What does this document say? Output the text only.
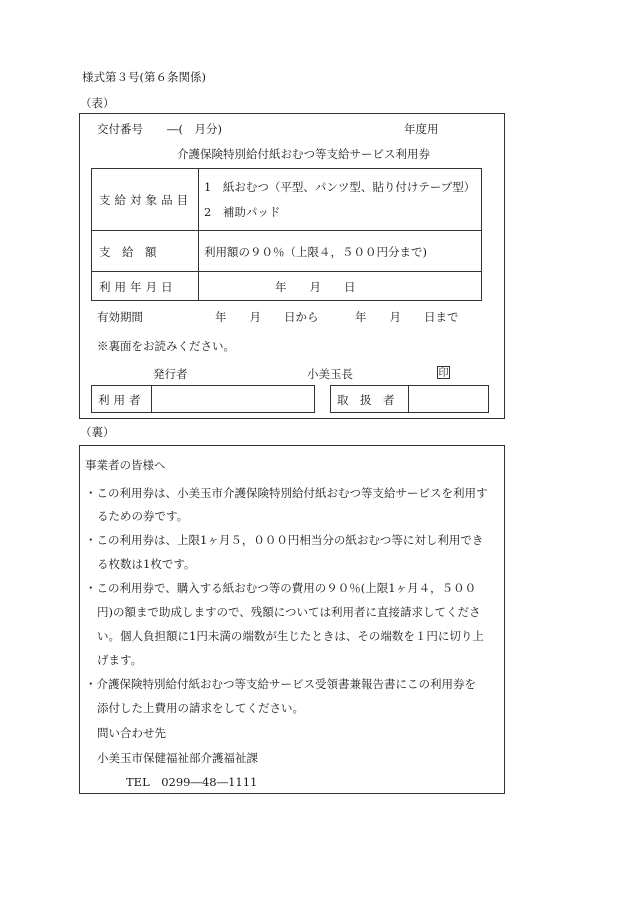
様式第３号(第６条関係)
（表）
交付番号 ―(　月分)	年度用
介護保険特別給付紙おむつ等支給サービス利用券
支給対象品目
1　紙おむつ（平型、パンツ型、貼り付けテープ型）
2　補助パッド
支　給　額	利用額の９０％（上限４，５００円分まで)
利用年月日	年　　月　　日
有効期間	年　　月　　日から	年　　月　　日まで
※裏面をお読みください。
発行者	小美玉長	印
利用者	取　扱　者
（裏）
事業者の皆様へ
・この利用券は、小美玉市介護保険特別給付紙おむつ等支給サービスを利用す
るための券です。
・この利用券は、上限1ヶ月５，０００円相当分の紙おむつ等に対し利用でき
る枚数は1枚です。
・この利用券で、購入する紙おむつ等の費用の９０％(上限1ヶ月４，５００
円)の額まで助成しますので、残額については利用者に直接請求してくださ
い。個人負担額に1円未満の端数が生じたときは、その端数を１円に切り上
げます。
・介護保険特別給付紙おむつ等支給サービス受領書兼報告書にこの利用券を
添付した上費用の請求をしてください。
問い合わせ先
小美玉市保健福祉部介護福祉課
TEL　0299―48―1111
